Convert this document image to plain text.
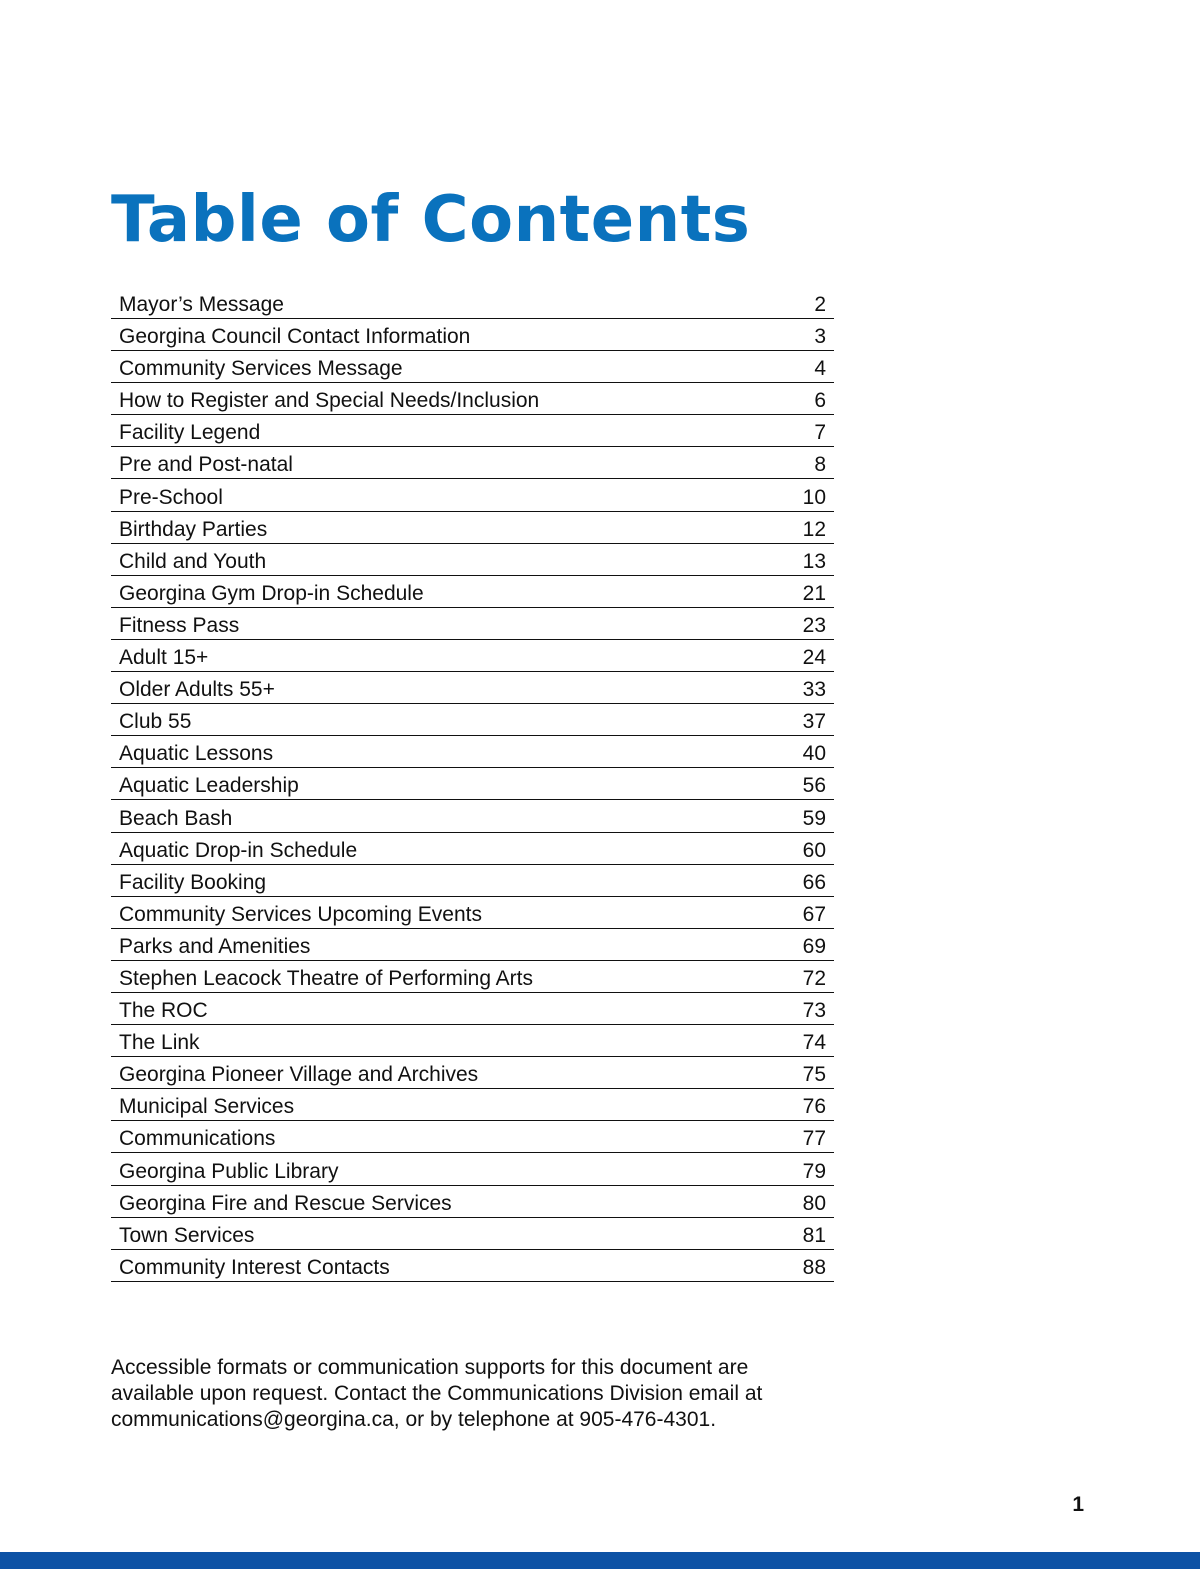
Table of Contents
Mayor’s Message	2
Georgina Council Contact Information	3
Community Services Message	4
How to Register and Special Needs/Inclusion	6
Facility Legend	7
Pre and Post-natal	8
Pre-School	10
Birthday Parties	12
Child and Youth	13
Georgina Gym Drop-in Schedule	21
Fitness Pass	23
Adult 15+	24
Older Adults 55+	33
Club 55	37
Aquatic Lessons	40
Aquatic Leadership	56
Beach Bash	59
Aquatic Drop-in Schedule	60
Facility Booking	66
Community Services Upcoming Events	67
Parks and Amenities	69
Stephen Leacock Theatre of Performing Arts	72
The ROC	73
The Link	74
Georgina Pioneer Village and Archives	75
Municipal Services	76
Communications	77
Georgina Public Library	79
Georgina Fire and Rescue Services	80
Town Services	81
Community Interest Contacts	88

Accessible formats or communication supports for this document are available upon request. Contact the Communications Division email at communications@georgina.ca, or by telephone at 905-476-4301.

1
